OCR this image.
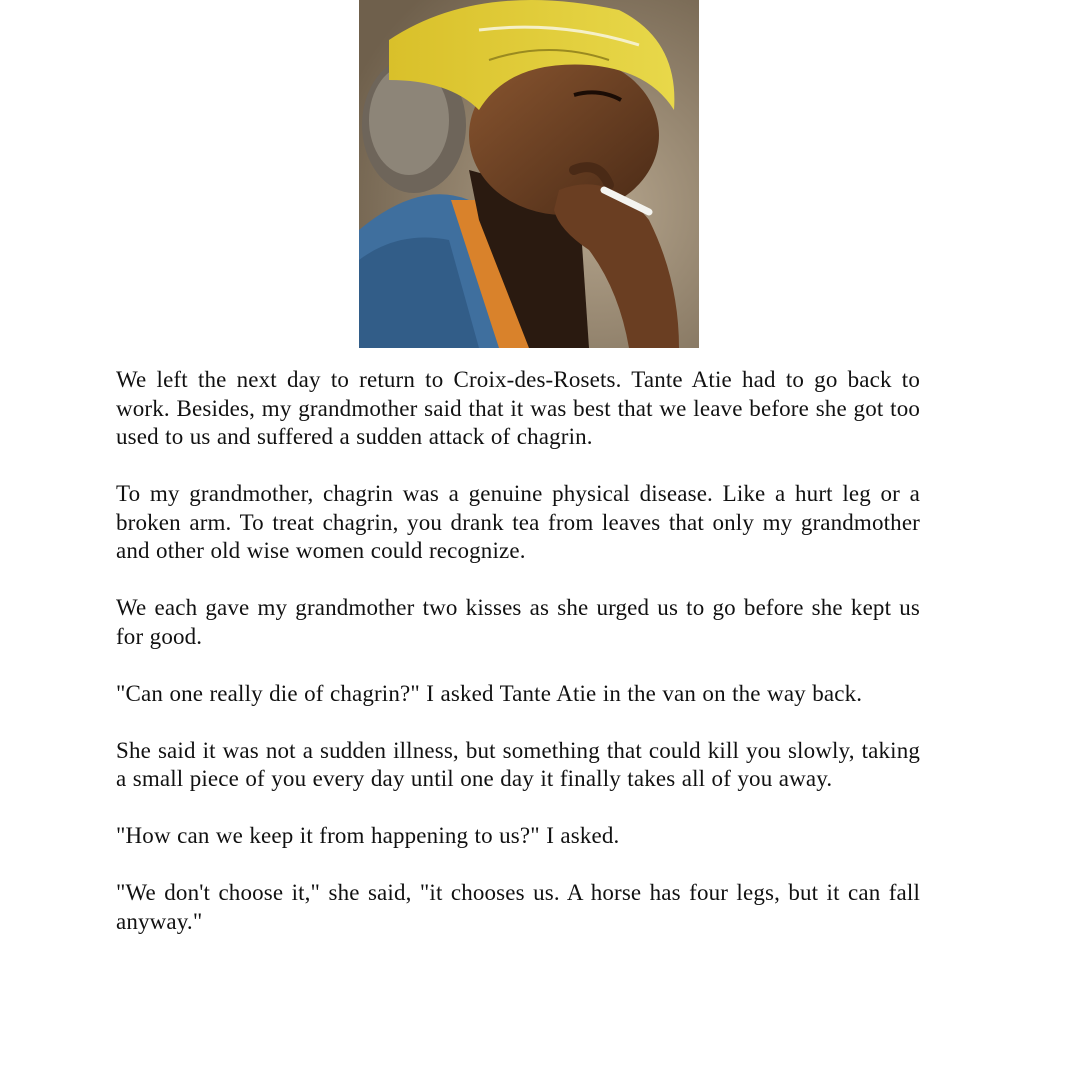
We left the next day to return to Croix-des-Rosets. Tante Atie had to go back to work. Besides, my grandmother said that it was best that we leave before she got too used to us and suffered a sudden attack of chagrin.

To my grandmother, chagrin was a genuine physical disease. Like a hurt leg or a broken arm. To treat chagrin, you drank tea from leaves that only my grandmother and other old wise women could recognize.

We each gave my grandmother two kisses as she urged us to go before she kept us for good.

"Can one really die of chagrin?" I asked Tante Atie in the van on the way back.

She said it was not a sudden illness, but something that could kill you slowly, taking a small piece of you every day until one day it finally takes all of you away.

"How can we keep it from happening to us?" I asked.

"We don't choose it," she said, "it chooses us. A horse has four legs, but it can fall anyway."
